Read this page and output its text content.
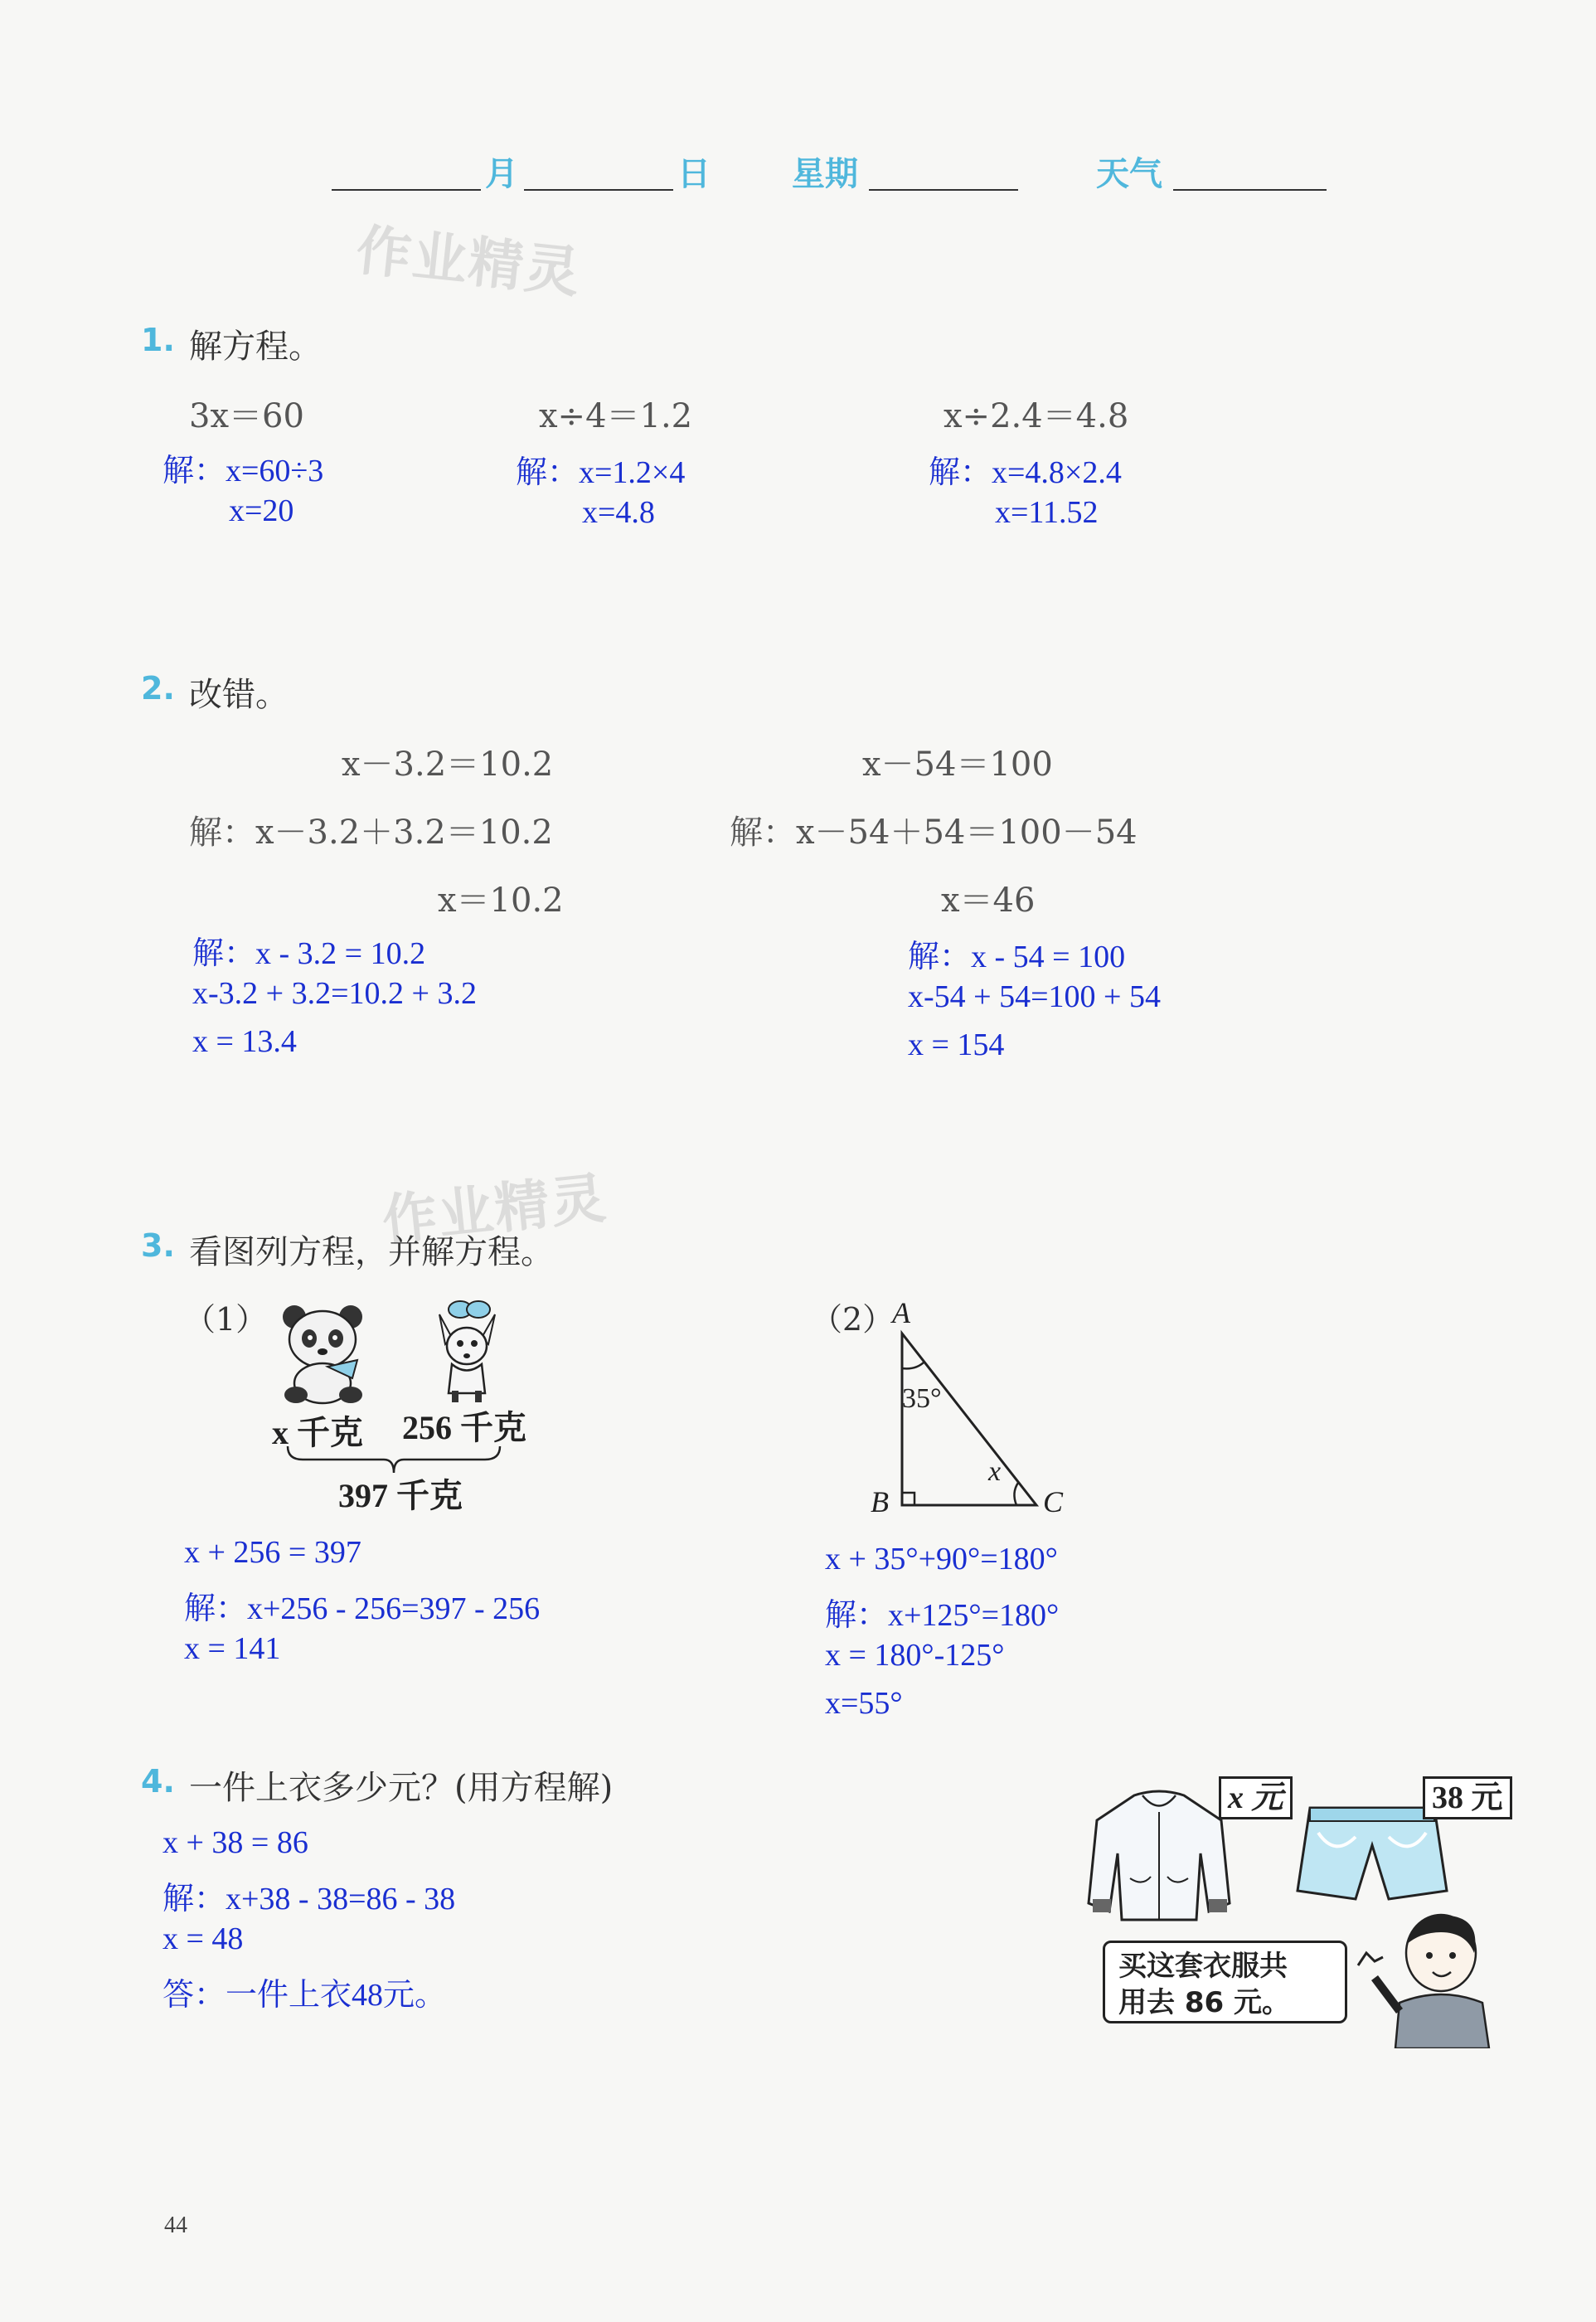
月	日 星期	天气
作业精灵
作业精灵
1. 解方程。
3x＝60
解：x=60÷3
x=20
x÷4＝1.2
解：x=1.2×4
x=4.8
x÷2.4＝4.8
解：x=4.8×2.4
x=11.52
2. 改错。
x－3.2＝10.2
解：x－3.2＋3.2＝10.2
x＝10.2
解：x - 3.2 = 10.2
x-3.2 + 3.2=10.2 + 3.2
x = 13.4
x－54＝100
解：x－54＋54＝100－54
x＝46
解：x - 54 = 100
x-54 + 54=100 + 54
x = 154
3. 看图列方程，并解方程。
（1）
x 千克 256 千克
397 千克
x + 256 = 397
解：x+256 - 256=397 - 256
x = 141
（2）
A
B	C
35°
x
x + 35°+90°=180°
解：x+125°=180°
x = 180°-125°
x=55°
4. 一件上衣多少元？(用方程解)
x + 38 = 86
解：x+38 - 38=86 - 38
x = 48
答：一件上衣48元。
x 元	38 元
买这套衣服共
用去 86 元。
44
